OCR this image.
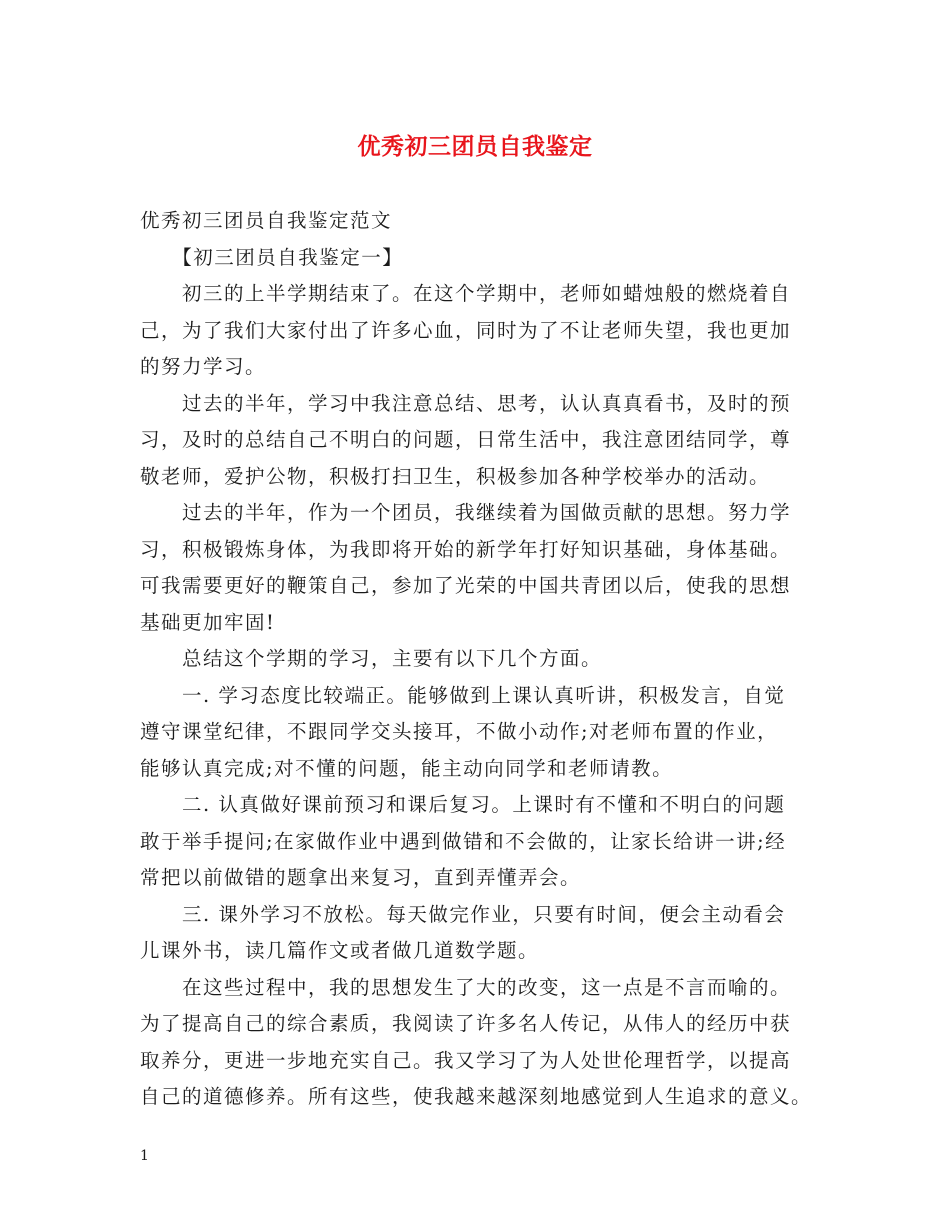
优秀初三团员自我鉴定
优秀初三团员自我鉴定范文
　　【初三团员自我鉴定一】
　　初三的上半学期结束了。在这个学期中，老师如蜡烛般的燃烧着自
己，为了我们大家付出了许多心血，同时为了不让老师失望，我也更加
的努力学习。
　　过去的半年，学习中我注意总结、思考，认认真真看书，及时的预
习，及时的总结自己不明白的问题，日常生活中，我注意团结同学，尊
敬老师，爱护公物，积极打扫卫生，积极参加各种学校举办的活动。
　　过去的半年，作为一个团员，我继续着为国做贡献的思想。努力学
习，积极锻炼身体，为我即将开始的新学年打好知识基础，身体基础。
可我需要更好的鞭策自己，参加了光荣的中国共青团以后，使我的思想
基础更加牢固!
　　总结这个学期的学习，主要有以下几个方面。
　　一. 学习态度比较端正。能够做到上课认真听讲，积极发言，自觉
遵守课堂纪律，不跟同学交头接耳，不做小动作;对老师布置的作业，
能够认真完成;对不懂的问题，能主动向同学和老师请教。
　　二. 认真做好课前预习和课后复习。上课时有不懂和不明白的问题
敢于举手提问;在家做作业中遇到做错和不会做的，让家长给讲一讲;经
常把以前做错的题拿出来复习，直到弄懂弄会。
　　三. 课外学习不放松。每天做完作业，只要有时间，便会主动看会
儿课外书，读几篇作文或者做几道数学题。
　　在这些过程中，我的思想发生了大的改变，这一点是不言而喻的。
为了提高自己的综合素质，我阅读了许多名人传记，从伟人的经历中获
取养分，更进一步地充实自己。我又学习了为人处世伦理哲学，以提高
自己的道德修养。所有这些，使我越来越深刻地感觉到人生追求的意义。
1
